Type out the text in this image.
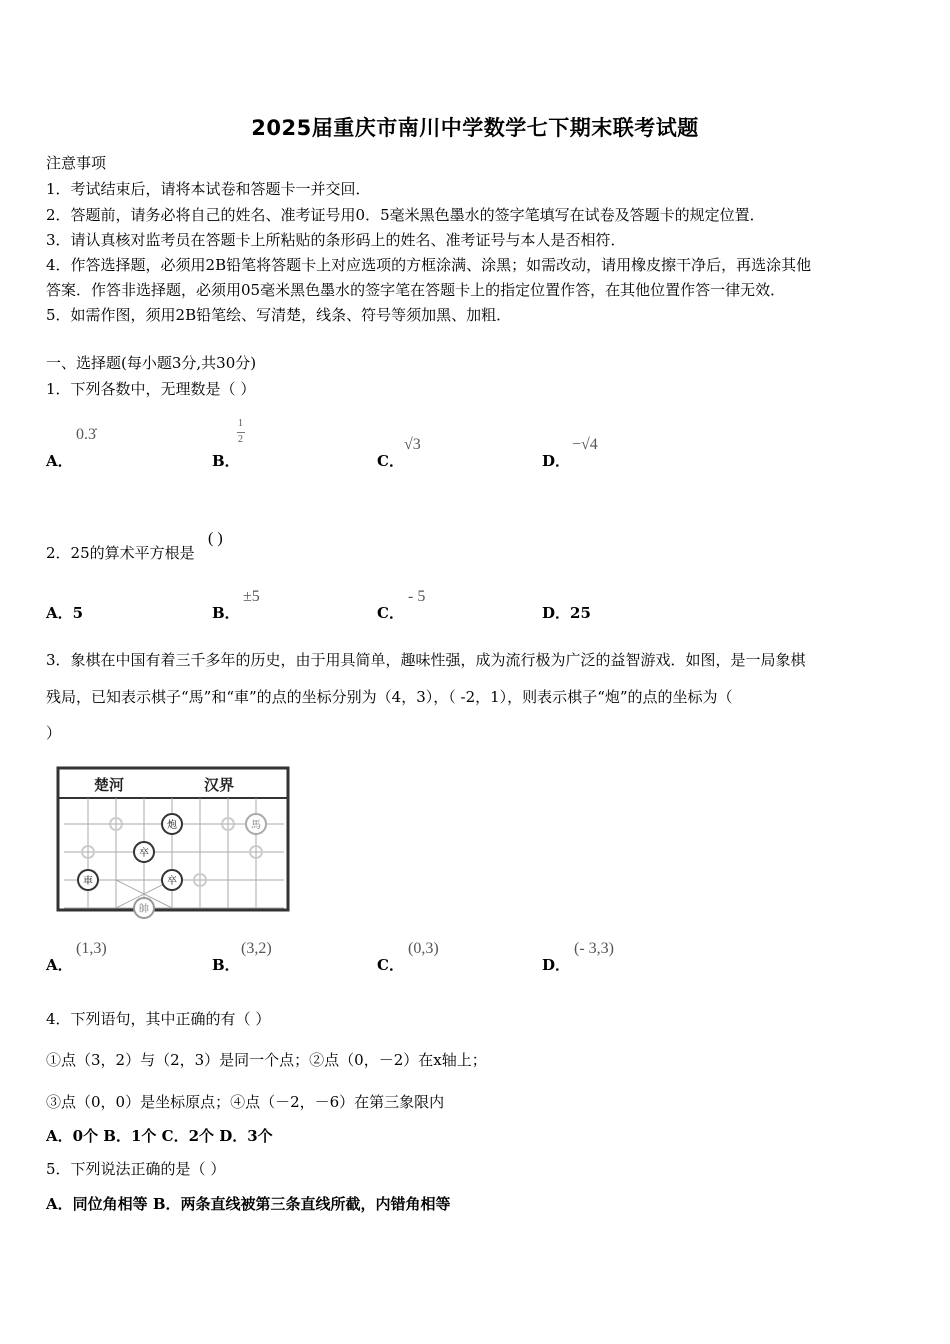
2025届重庆市南川中学数学七下期末联考试题
注意事项
1．考试结束后，请将本试卷和答题卡一并交回．
2．答题前，请务必将自己的姓名、准考证号用0．5毫米黑色墨水的签字笔填写在试卷及答题卡的规定位置．
3．请认真核对监考员在答题卡上所粘贴的条形码上的姓名、准考证号与本人是否相符．
4．作答选择题，必须用2B铅笔将答题卡上对应选项的方框涂满、涂黑；如需改动，请用橡皮擦干净后，再选涂其他
答案．作答非选择题，必须用05毫米黑色墨水的签字笔在答题卡上的指定位置作答，在其他位置作答一律无效．
5．如需作图，须用2B铅笔绘、写清楚，线条、符号等须加黑、加粗．
一、选择题(每小题3分,共30分)
1．下列各数中，无理数是（ ）
A．
0.3̇
B．
1
2
C．
√3
D．
−√4
2．25的算术平方根是
( )
A．5	B．
±5
C．
- 5
D．25
3．象棋在中国有着三千多年的历史，由于用具简单，趣味性强，成为流行极为广泛的益智游戏．如图，是一局象棋
残局，已知表示棋子“馬”和“車”的点的坐标分别为（4，3），（ -2，1），则表示棋子“炮”的点的坐标为（
）
楚河	汉界
炮	馬
卒
車	卒
帥
A．
(1,3)
B．
(3,2)
C．
(0,3)
D．
(- 3,3)
4．下列语句，其中正确的有（ ）
①点（3，2）与（2，3）是同一个点；②点（0，－2）在x轴上；
③点（0，0）是坐标原点；④点（－2，－6）在第三象限内
A．0个 B．1个 C．2个 D．3个
5．下列说法正确的是（ ）
A．同位角相等 B．两条直线被第三条直线所截，内错角相等
